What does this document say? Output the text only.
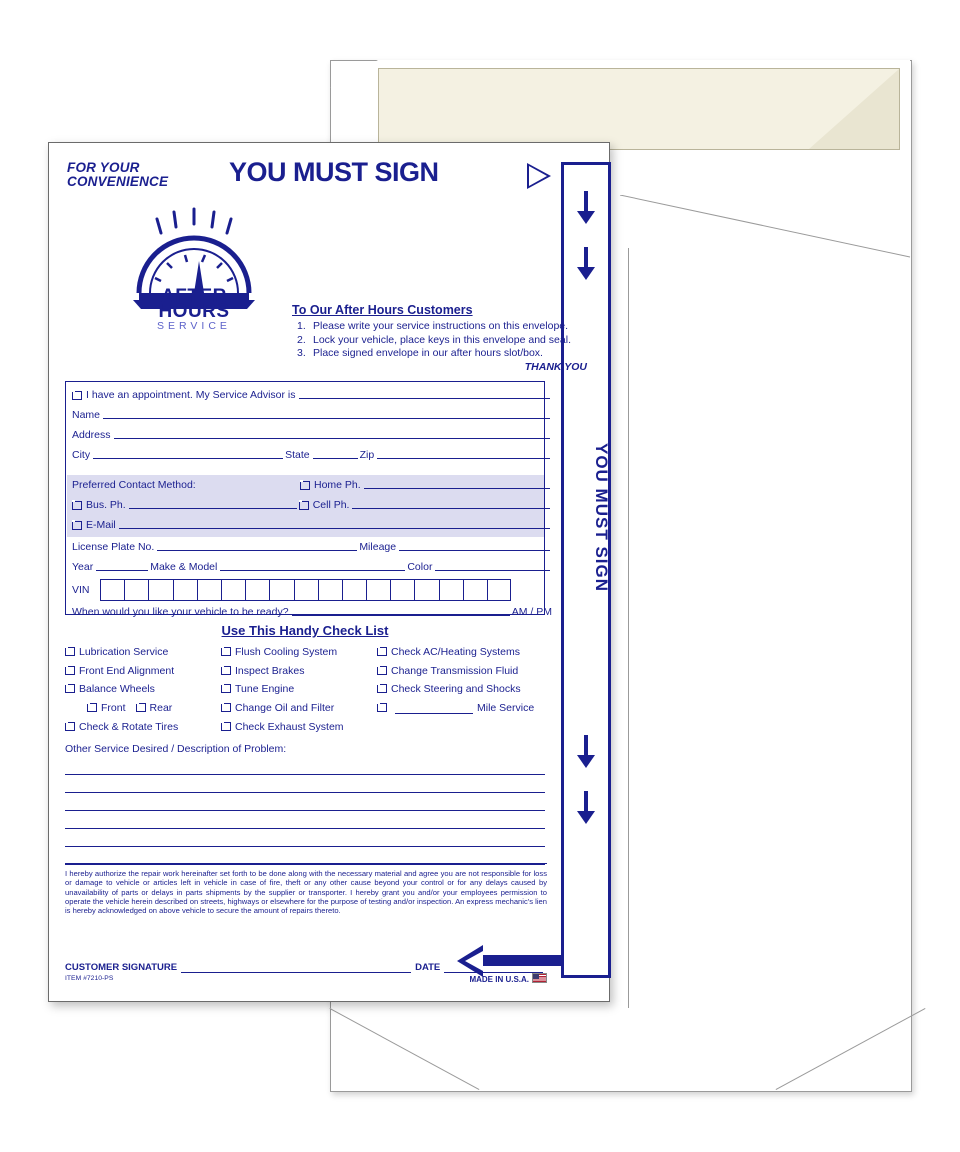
FOR YOUR
CONVENIENCE YOU MUST SIGN
YOU MUST SIGN
AFTER
HOURS
SERVICE
To Our After Hours Customers
1. Please write your service instructions on this envelope.
2. Lock your vehicle, place keys in this envelope and seal.
3. Place signed envelope in our after hours slot/box.
THANK YOU
I have an appointment. My Service Advisor is
Name
Address
City	State	Zip
Preferred Contact Method:	Home Ph.
Bus. Ph.	Cell Ph.
E-Mail
License Plate No.	Mileage
Year	Make & Model	Color
VIN
When would you like your vehicle to be ready?	AM / PM
Use This Handy Check List
Lubrication Service
Front End Alignment
Balance Wheels
Front Rear
Check & Rotate Tires
Flush Cooling System
Inspect Brakes
Tune Engine
Change Oil and Filter
Check Exhaust System
Check AC/Heating Systems
Change Transmission Fluid
Check Steering and Shocks
Mile Service
Other Service Desired / Description of Problem:
I hereby authorize the repair work hereinafter set forth to be done along with the necessary material and agree you are not responsible for loss or damage to vehicle or articles left in vehicle in case of fire, theft or any other cause beyond your control or for any delays caused by unavailability of parts or delays in parts shipments by the supplier or transporter. I hereby grant you and/or your employees permission to operate the vehicle herein described on streets, highways or elsewhere for the purpose of testing and/or inspection. An express mechanic's lien is hereby acknowledged on above vehicle to secure the amount of repairs thereto.
CUSTOMER SIGNATURE	DATE
ITEM #7210-PS	MADE IN U.S.A.
